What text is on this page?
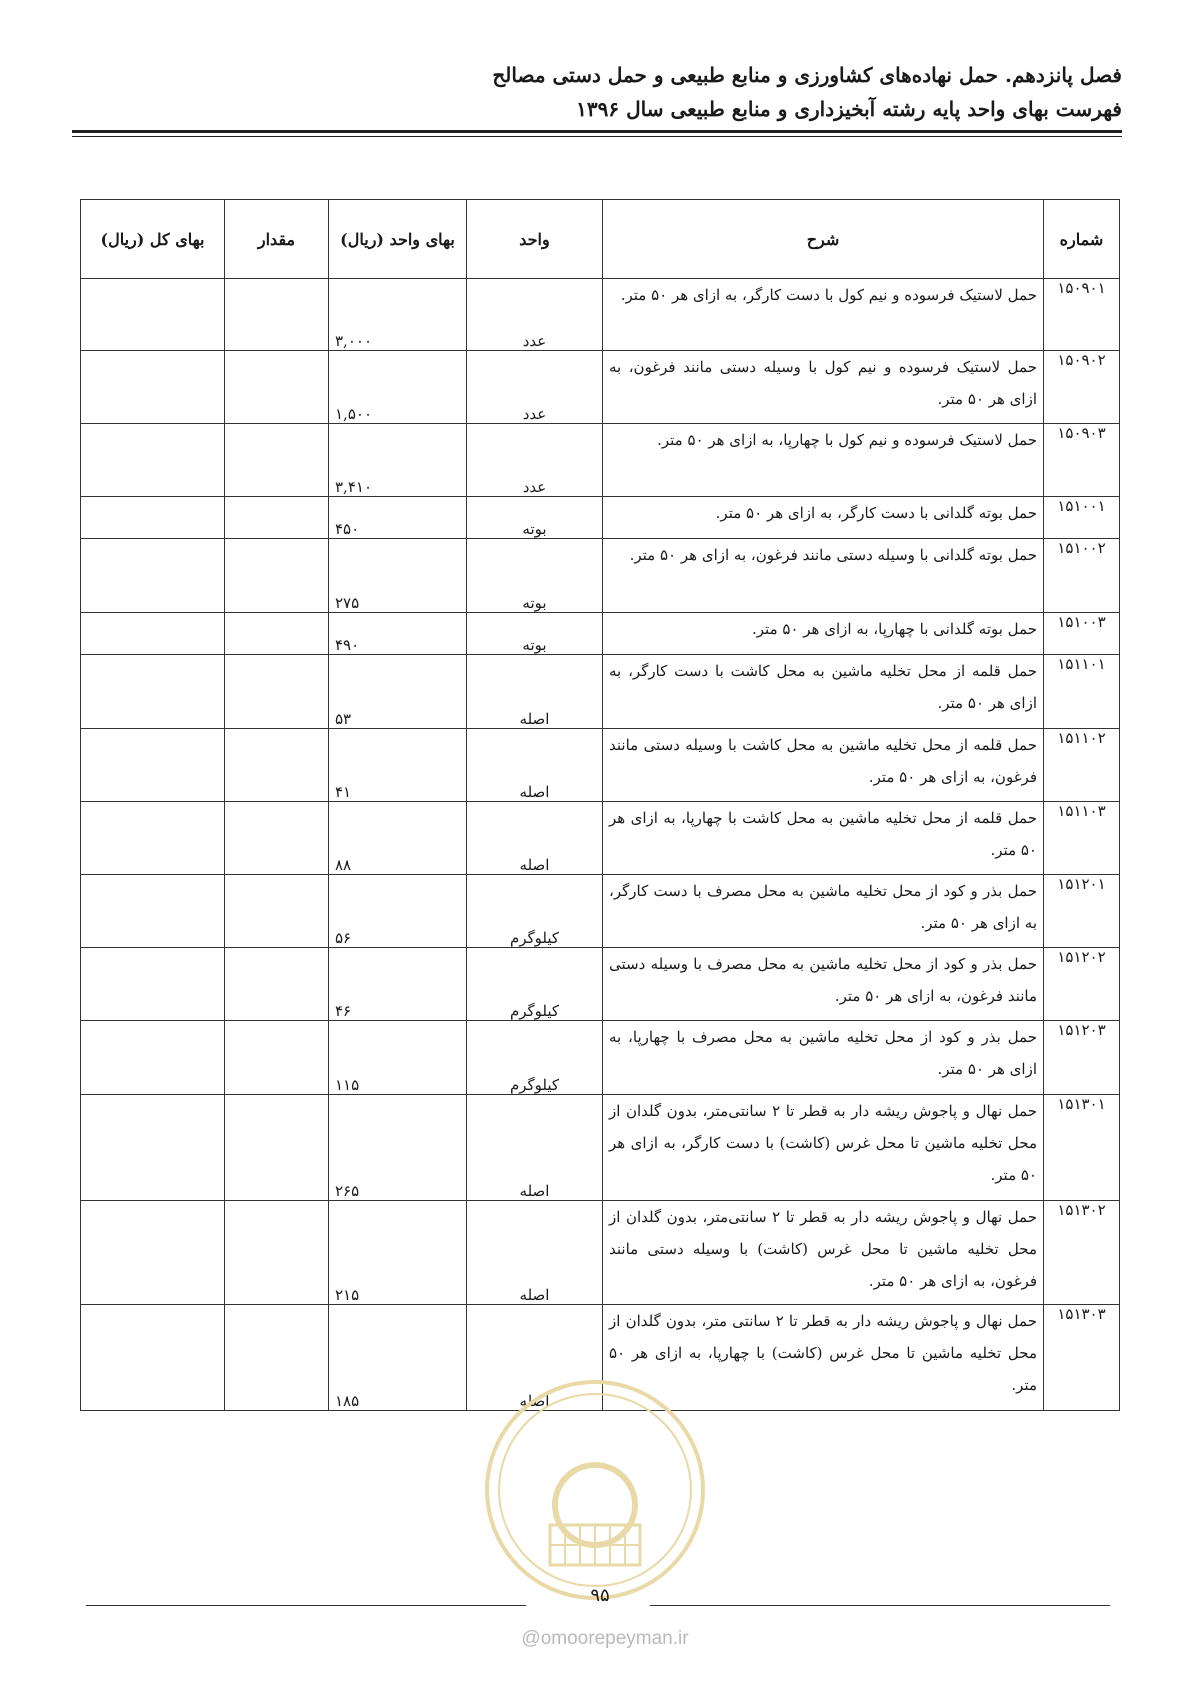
فصل پانزدهم. حمل نهاده‌های کشاورزی و منابع طبیعی و حمل دستی مصالح
فهرست بهای واحد پایه رشته آبخیزداری و منابع طبیعی سال ۱۳۹۶
شماره	شرح	واحد	بهای واحد (ریال)	مقدار	بهای کل (ریال)
۱۵۰۹۰۱	حمل لاستیک فرسوده و نیم کول با دست کارگر، به ازای هر ۵۰ متر.	عدد	۳,۰۰۰		
۱۵۰۹۰۲	حمل لاستیک فرسوده و نیم کول با وسیله دستی مانند فرغون، به ازای هر ۵۰ متر.	عدد	۱,۵۰۰		
۱۵۰۹۰۳	حمل لاستیک فرسوده و نیم کول با چهارپا، به ازای هر ۵۰ متر.	عدد	۳,۴۱۰		
۱۵۱۰۰۱	حمل بوته گلدانی با دست کارگر، به ازای هر ۵۰ متر.	بوته	۴۵۰		
۱۵۱۰۰۲	حمل بوته گلدانی با وسیله دستی مانند فرغون، به ازای هر ۵۰ متر.	بوته	۲۷۵		
۱۵۱۰۰۳	حمل بوته گلدانی با چهارپا، به ازای هر ۵۰ متر.	بوته	۴۹۰		
۱۵۱۱۰۱	حمل قلمه از محل تخلیه ماشین به محل کاشت با دست کارگر، به ازای هر ۵۰ متر.	اصله	۵۳		
۱۵۱۱۰۲	حمل قلمه از محل تخلیه ماشین به محل کاشت با وسیله دستی مانند فرغون، به ازای هر ۵۰ متر.	اصله	۴۱		
۱۵۱۱۰۳	حمل قلمه از محل تخلیه ماشین به محل کاشت با چهارپا، به ازای هر ۵۰ متر.	اصله	۸۸		
۱۵۱۲۰۱	حمل بذر و کود از محل تخلیه ماشین به محل مصرف با دست کارگر، به ازای هر ۵۰ متر.	کیلوگرم	۵۶		
۱۵۱۲۰۲	حمل بذر و کود از محل تخلیه ماشین به محل مصرف با وسیله دستی مانند فرغون، به ازای هر ۵۰ متر.	کیلوگرم	۴۶		
۱۵۱۲۰۳	حمل بذر و کود از محل تخلیه ماشین به محل مصرف با چهارپا، به ازای هر ۵۰ متر.	کیلوگرم	۱۱۵		
۱۵۱۳۰۱	حمل نهال و پاجوش ریشه دار به قطر تا ۲ سانتی‌متر، بدون گلدان از محل تخلیه ماشین تا محل غرس (کاشت) با دست کارگر، به ازای هر ۵۰ متر.	اصله	۲۶۵		
۱۵۱۳۰۲	حمل نهال و پاجوش ریشه دار به قطر تا ۲ سانتی‌متر، بدون گلدان از محل تخلیه ماشین تا محل غرس (کاشت) با وسیله دستی مانند فرغون، به ازای هر ۵۰ متر.	اصله	۲۱۵		
۱۵۱۳۰۳	حمل نهال و پاجوش ریشه دار به قطر تا ۲ سانتی متر، بدون گلدان از محل تخلیه ماشین تا محل غرس (کاشت) با چهارپا، به ازای هر ۵۰ متر.	اصله	۱۸۵		
۹۵
@omoorepeyman.ir
